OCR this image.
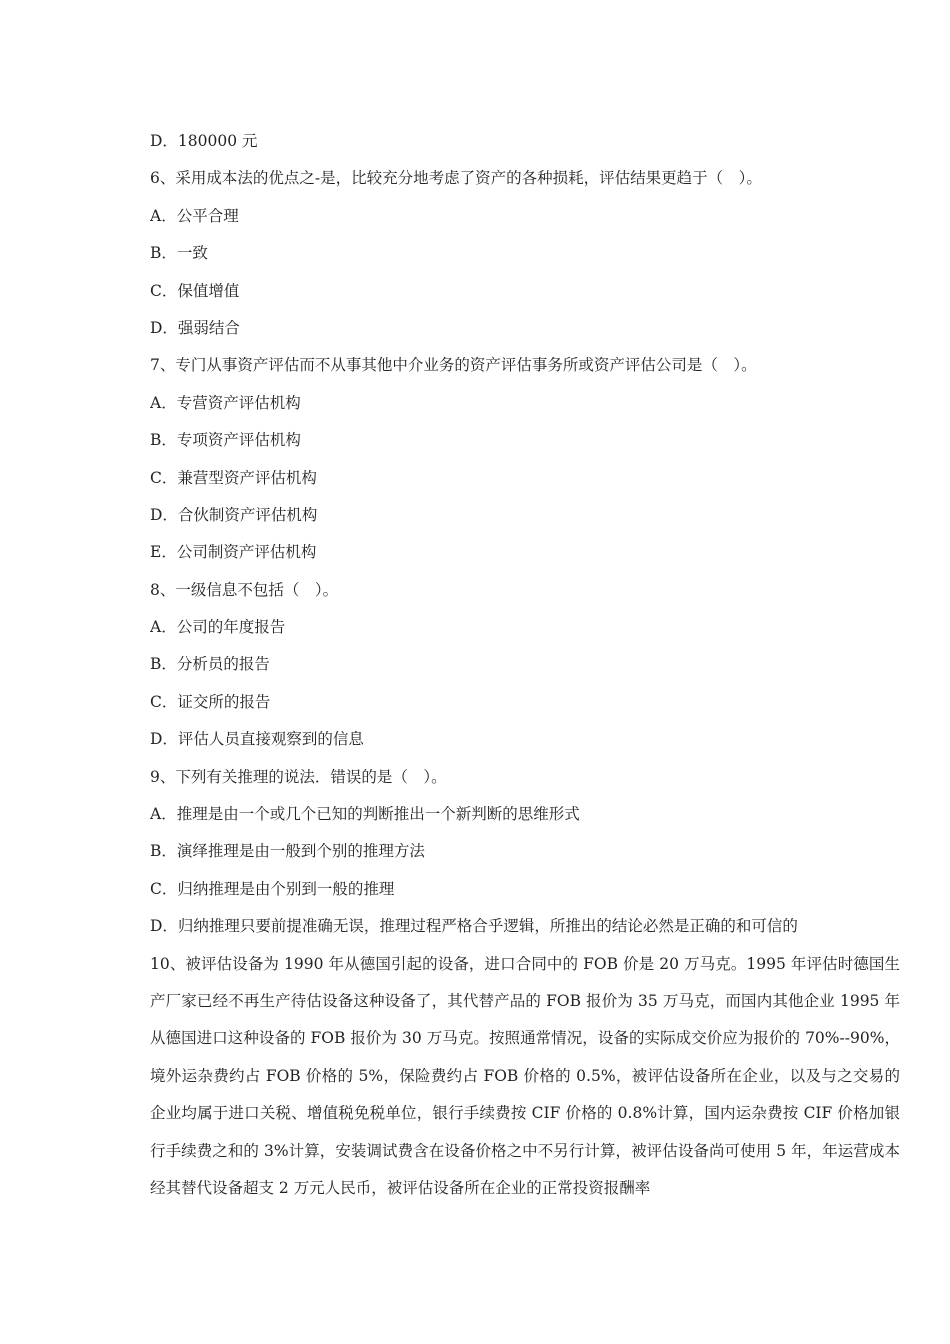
D．180000 元
6、采用成本法的优点之-是，比较充分地考虑了资产的各种损耗，评估结果更趋于（　）。
A．公平合理
B．一致
C．保值增值
D．强弱结合
7、专门从事资产评估而不从事其他中介业务的资产评估事务所或资产评估公司是（　）。
A．专营资产评估机构
B．专项资产评估机构
C．兼营型资产评估机构
D．合伙制资产评估机构
E．公司制资产评估机构
8、一级信息不包括（　）。
A．公司的年度报告
B．分析员的报告
C．证交所的报告
D．评估人员直接观察到的信息
9、下列有关推理的说法．错误的是（　）。
A．推理是由一个或几个已知的判断推出一个新判断的思维形式
B．演绎推理是由一般到个别的推理方法
C．归纳推理是由个别到一般的推理
D．归纳推理只要前提准确无误，推理过程严格合乎逻辑，所推出的结论必然是正确的和可信的

10、被评估设备为 1990 年从德国引起的设备，进口合同中的 FOB 价是 20 万马克。1995 年评估时德国生产厂家已经不再生产待估设备这种设备了，其代替产品的 FOB 报价为 35 万马克，而国内其他企业 1995 年从德国进口这种设备的 FOB 报价为 30 万马克。按照通常情况，设备的实际成交价应为报价的 70%--90%，境外运杂费约占 FOB 价格的 5%，保险费约占 FOB 价格的 0.5%，被评估设备所在企业，以及与之交易的企业均属于进口关税、增值税免税单位，银行手续费按 CIF 价格的 0.8%计算，国内运杂费按 CIF 价格加银行手续费之和的 3%计算，安装调试费含在设备价格之中不另行计算，被评估设备尚可使用 5 年，年运营成本经其替代设备超支 2 万元人民币，被评估设备所在企业的正常投资报酬率
